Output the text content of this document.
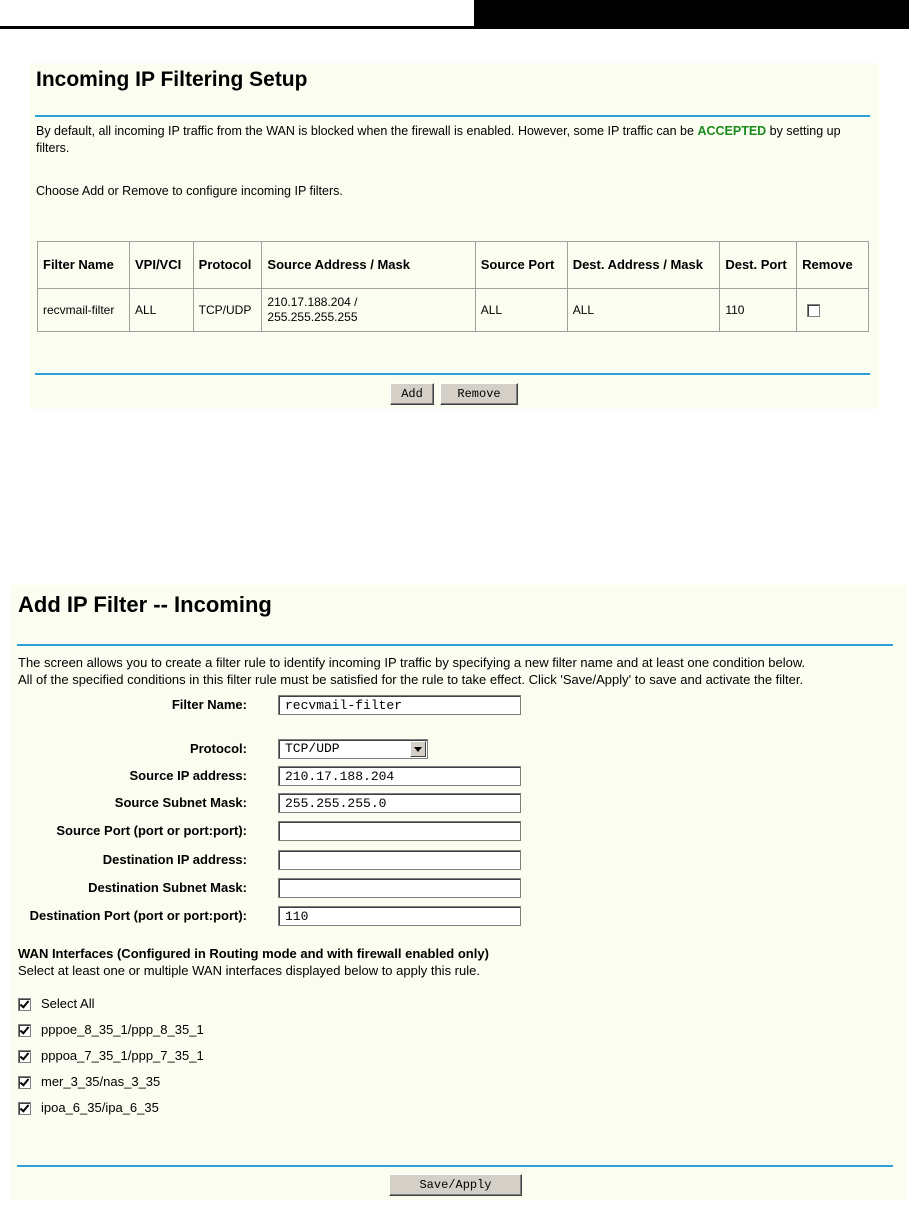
Incoming IP Filtering Setup
By default, all incoming IP traffic from the WAN is blocked when the firewall is enabled. However, some IP traffic can be ACCEPTED by setting up filters.
Choose Add or Remove to configure incoming IP filters.
Filter Name	VPI/VCI	Protocol	Source Address / Mask	Source Port	Dest. Address / Mask	Dest. Port	Remove
recvmail-filter	ALL	TCP/UDP	210.17.188.204 /
255.255.255.255	ALL	ALL	110	
Add	Remove
Add IP Filter -- Incoming
The screen allows you to create a filter rule to identify incoming IP traffic by specifying a new filter name and at least one condition below.
All of the specified conditions in this filter rule must be satisfied for the rule to take effect. Click 'Save/Apply' to save and activate the filter.
Filter Name:	recvmail-filter
Protocol:	TCP/UDP
Source IP address:	210.17.188.204
Source Subnet Mask:	255.255.255.0
Source Port (port or port:port):
Destination IP address:
Destination Subnet Mask:
Destination Port (port or port:port):	110
WAN Interfaces (Configured in Routing mode and with firewall enabled only)
Select at least one or multiple WAN interfaces displayed below to apply this rule.
Select All
pppoe_8_35_1/ppp_8_35_1
pppoa_7_35_1/ppp_7_35_1
mer_3_35/nas_3_35
ipoa_6_35/ipa_6_35
Save/Apply
